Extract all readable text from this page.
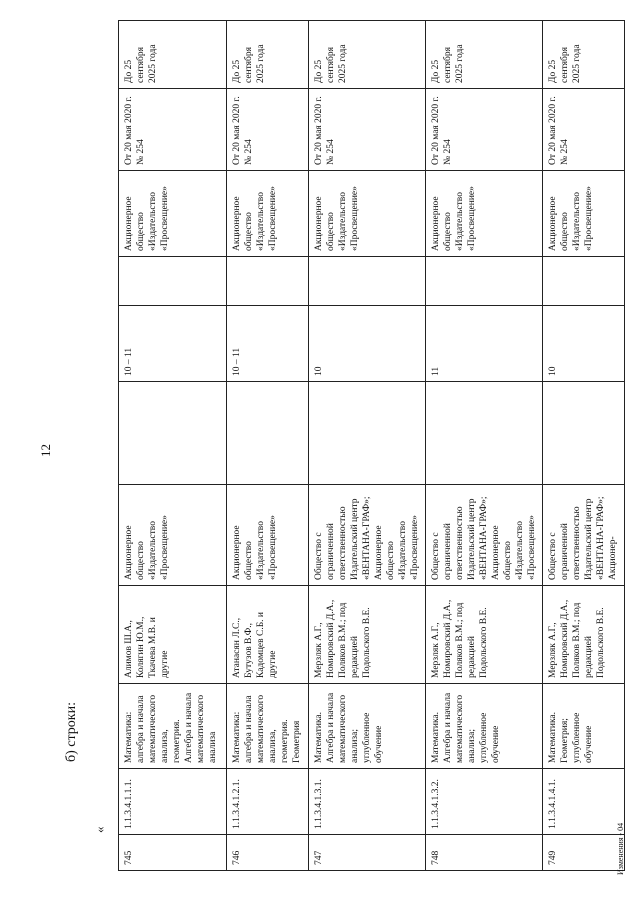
12
б) строки:
«
745	1.1.3.4.1.1.1.	Математика: алгебра и начала математического анализа, геометрия. Алгебра и начала математического анализа	Алимов Ш.А., Колягин Ю.М., Ткачева М.В. и другие	Акционерное общество «Издательство «Просвещение»		10 – 11		Акционерное общество «Издательство «Просвещение»	От 20 мая 2020 г. № 254	До 25 сентября 2025 года
746	1.1.3.4.1.2.1.	Математика: алгебра и начала математического анализа, геометрия. Геометрия	Атанасян Л.С., Бутузов В.Ф., Кадомцев С.Б. и другие	Акционерное общество «Издательство «Просвещение»		10 – 11		Акционерное общество «Издательство «Просвещение»	От 20 мая 2020 г. № 254	До 25 сентября 2025 года
747	1.1.3.4.1.3.1.	Математика. Алгебра и начала математического анализа; углубленное обучение	Мерзляк А.Г., Номировский Д.А., Поляков В.М.; под редакцией Подольского В.Е.	Общество с ограниченной ответственностью Издательский центр «ВЕНТАНА-ГРАФ»; Акционерное общество «Издательство «Просвещение»		10		Акционерное общество «Издательство «Просвещение»	От 20 мая 2020 г. № 254	До 25 сентября 2025 года
748	1.1.3.4.1.3.2.	Математика. Алгебра и начала математического анализа; углубленное обучение	Мерзляк А.Г., Номировский Д.А., Поляков В.М.; под редакцией Подольского В.Е.	Общество с ограниченной ответственностью Издательский центр «ВЕНТАНА-ГРАФ»; Акционерное общество «Издательство «Просвещение»		11		Акционерное общество «Издательство «Просвещение»	От 20 мая 2020 г. № 254	До 25 сентября 2025 года
749	1.1.3.4.1.4.1.	Математика. Геометрия; углубленное обучение	Мерзляк А.Г., Номировский Д.А., Поляков В.М.; под редакцией Подольского В.Е.	Общество с ограниченной ответственностью Издательский центр «ВЕНТАНА-ГРАФ»; Акционер-		10		Акционерное общество «Издательство «Просвещение»	От 20 мая 2020 г. № 254	До 25 сентября 2025 года
Изменения - 04
